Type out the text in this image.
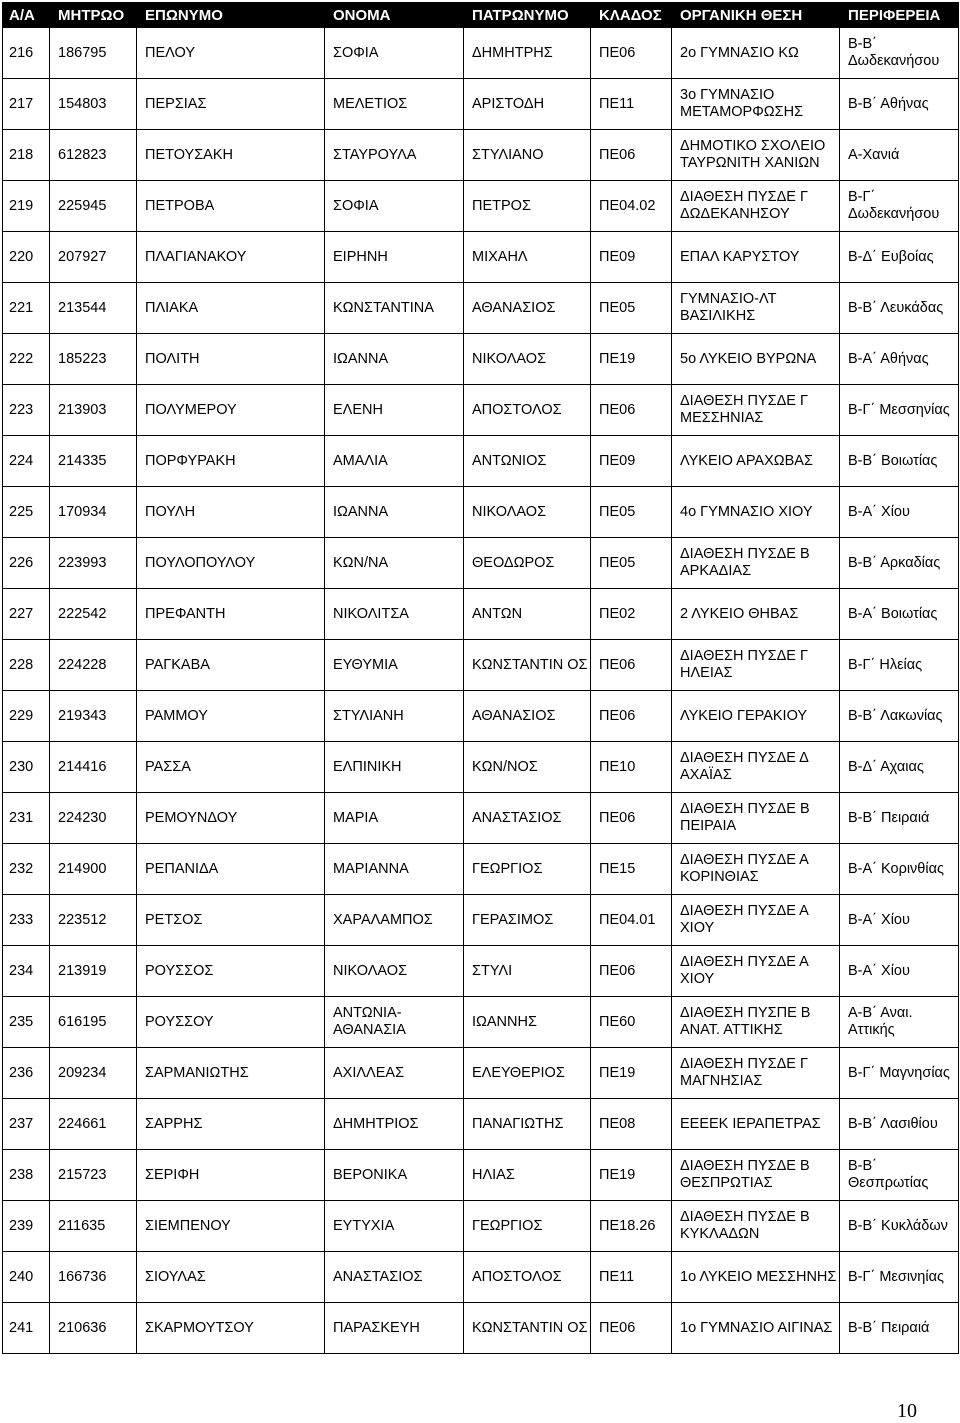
Α/Α	ΜΗΤΡΩΟ	ΕΠΩΝΥΜΟ	ΟΝΟΜΑ	ΠΑΤΡΩΝΥΜΟ	ΚΛΑΔΟΣ	ΟΡΓΑΝΙΚΗ ΘΕΣΗ	ΠΕΡΙΦΕΡΕΙΑ
216	186795	ΠΕΛΟΥ	ΣΟΦΙΑ	ΔΗΜΗΤΡΗΣ	ΠΕ06	2ο ΓΥΜΝΑΣΙΟ ΚΩ	Β-Β΄ Δωδεκανήσου
217	154803	ΠΕΡΣΙΑΣ	ΜΕΛΕΤΙΟΣ	ΑΡΙΣΤΟΔΗ	ΠΕ11	3ο ΓΥΜΝΑΣΙΟ ΜΕΤΑΜΟΡΦΩΣΗΣ	Β-Β΄ Αθήνας
218	612823	ΠΕΤΟΥΣΑΚΗ	ΣΤΑΥΡΟΥΛΑ	ΣΤΥΛΙΑΝΟ	ΠΕ06	ΔΗΜΟΤΙΚΟ ΣΧΟΛΕΙΟ ΤΑΥΡΩΝΙΤΗ ΧΑΝΙΩΝ	Α-Χανιά
219	225945	ΠΕΤΡΟΒΑ	ΣΟΦΙΑ	ΠΕΤΡΟΣ	ΠΕ04.02	ΔΙΑΘΕΣΗ ΠΥΣΔΕ Γ ΔΩΔΕΚΑΝΗΣΟΥ	Β-Γ΄ Δωδεκανήσου
220	207927	ΠΛΑΓΙΑΝΑΚΟΥ	ΕΙΡΗΝΗ	ΜΙΧΑΗΛ	ΠΕ09	ΕΠΑΛ ΚΑΡΥΣΤΟΥ	Β-Δ΄ Ευβοίας
221	213544	ΠΛΙΑΚΑ	ΚΩΝΣΤΑΝΤΙΝΑ	ΑΘΑΝΑΣΙΟΣ	ΠΕ05	ΓΥΜΝΑΣΙΟ-ΛΤ ΒΑΣΙΛΙΚΗΣ	Β-Β΄ Λευκάδας
222	185223	ΠΟΛΙΤΗ	ΙΩΑΝΝΑ	ΝΙΚΟΛΑΟΣ	ΠΕ19	5ο ΛΥΚΕΙΟ ΒΥΡΩΝΑ	Β-Α΄ Αθήνας
223	213903	ΠΟΛΥΜΕΡΟΥ	ΕΛΕΝΗ	ΑΠΟΣΤΟΛΟΣ	ΠΕ06	ΔΙΑΘΕΣΗ ΠΥΣΔΕ Γ ΜΕΣΣΗΝΙΑΣ	Β-Γ΄ Μεσσηνίας
224	214335	ΠΟΡΦΥΡΑΚΗ	ΑΜΑΛΙΑ	ΑΝΤΩΝΙΟΣ	ΠΕ09	ΛΥΚΕΙΟ ΑΡΑΧΩΒΑΣ	Β-Β΄ Βοιωτίας
225	170934	ΠΟΥΛΗ	ΙΩΑΝΝΑ	ΝΙΚΟΛΑΟΣ	ΠΕ05	4ο ΓΥΜΝΑΣΙΟ ΧΙΟΥ	Β-Α΄ Χίου
226	223993	ΠΟΥΛΟΠΟΥΛΟΥ	ΚΩΝ/ΝΑ	ΘΕΟΔΩΡΟΣ	ΠΕ05	ΔΙΑΘΕΣΗ ΠΥΣΔΕ Β ΑΡΚΑΔΙΑΣ	Β-Β΄ Αρκαδίας
227	222542	ΠΡΕΦΑΝΤΗ	ΝΙΚΟΛΙΤΣΑ	ΑΝΤΩΝ	ΠΕ02	2 ΛΥΚΕΙΟ ΘΗΒΑΣ	Β-Α΄ Βοιωτίας
228	224228	ΡΑΓΚΑΒΑ	ΕΥΘΥΜΙΑ	ΚΩΝΣΤΑΝΤΙΝ ΟΣ	ΠΕ06	ΔΙΑΘΕΣΗ ΠΥΣΔΕ Γ ΗΛΕΙΑΣ	Β-Γ΄ Ηλείας
229	219343	ΡΑΜΜΟΥ	ΣΤΥΛΙΑΝΗ	ΑΘΑΝΑΣΙΟΣ	ΠΕ06	ΛΥΚΕΙΟ ΓΕΡΑΚΙΟΥ	Β-Β΄ Λακωνίας
230	214416	ΡΑΣΣΑ	ΕΛΠΙΝΙΚΗ	ΚΩΝ/ΝΟΣ	ΠΕ10	ΔΙΑΘΕΣΗ ΠΥΣΔΕ Δ ΑΧΑΪΑΣ	Β-Δ΄ Αχαιας
231	224230	ΡΕΜΟΥΝΔΟΥ	ΜΑΡΙΑ	ΑΝΑΣΤΑΣΙΟΣ	ΠΕ06	ΔΙΑΘΕΣΗ ΠΥΣΔΕ Β ΠΕΙΡΑΙΑ	Β-Β΄ Πειραιά
232	214900	ΡΕΠΑΝΙΔΑ	ΜΑΡΙΑΝΝΑ	ΓΕΩΡΓΙΟΣ	ΠΕ15	ΔΙΑΘΕΣΗ ΠΥΣΔΕ Α ΚΟΡΙΝΘΙΑΣ	Β-Α΄ Κορινθίας
233	223512	ΡΕΤΣΟΣ	ΧΑΡΑΛΑΜΠΟΣ	ΓΕΡΑΣΙΜΟΣ	ΠΕ04.01	ΔΙΑΘΕΣΗ ΠΥΣΔΕ Α ΧΙΟΥ	Β-Α΄ Χίου
234	213919	ΡΟΥΣΣΟΣ	ΝΙΚΟΛΑΟΣ	ΣΤΥΛΙ	ΠΕ06	ΔΙΑΘΕΣΗ ΠΥΣΔΕ Α ΧΙΟΥ	Β-Α΄ Χίου
235	616195	ΡΟΥΣΣΟΥ	ΑΝΤΩΝΙΑ-ΑΘΑΝΑΣΙΑ	ΙΩΑΝΝΗΣ	ΠΕ60	ΔΙΑΘΕΣΗ ΠΥΣΠΕ Β ΑΝΑΤ. ΑΤΤΙΚΗΣ	Α-Β΄ Αναι. Αττικής
236	209234	ΣΑΡΜΑΝΙΩΤΗΣ	ΑΧΙΛΛΕΑΣ	ΕΛΕΥΘΕΡΙΟΣ	ΠΕ19	ΔΙΑΘΕΣΗ ΠΥΣΔΕ Γ ΜΑΓΝΗΣΙΑΣ	Β-Γ΄ Μαγνησίας
237	224661	ΣΑΡΡΗΣ	ΔΗΜΗΤΡΙΟΣ	ΠΑΝΑΓΙΩΤΗΣ	ΠΕ08	ΕΕΕΕΚ ΙΕΡΑΠΕΤΡΑΣ	Β-Β΄ Λασιθίου
238	215723	ΣΕΡΙΦΗ	ΒΕΡΟΝΙΚΑ	ΗΛΙΑΣ	ΠΕ19	ΔΙΑΘΕΣΗ ΠΥΣΔΕ Β ΘΕΣΠΡΩΤΙΑΣ	Β-Β΄ Θεσπρωτίας
239	211635	ΣΙΕΜΠΕΝΟΥ	ΕΥΤΥΧΙΑ	ΓΕΩΡΓΙΟΣ	ΠΕ18.26	ΔΙΑΘΕΣΗ ΠΥΣΔΕ Β ΚΥΚΛΑΔΩΝ	Β-Β΄ Κυκλάδων
240	166736	ΣΙΟΥΛΑΣ	ΑΝΑΣΤΑΣΙΟΣ	ΑΠΟΣΤΟΛΟΣ	ΠΕ11	1ο ΛΥΚΕΙΟ ΜΕΣΣΗΝΗΣ	Β-Γ΄ Μεσινηίας
241	210636	ΣΚΑΡΜΟΥΤΣΟΥ	ΠΑΡΑΣΚΕΥΗ	ΚΩΝΣΤΑΝΤΙΝ ΟΣ	ΠΕ06	1ο ΓΥΜΝΑΣΙΟ ΑΙΓΙΝΑΣ	Β-Β΄ Πειραιά
10
